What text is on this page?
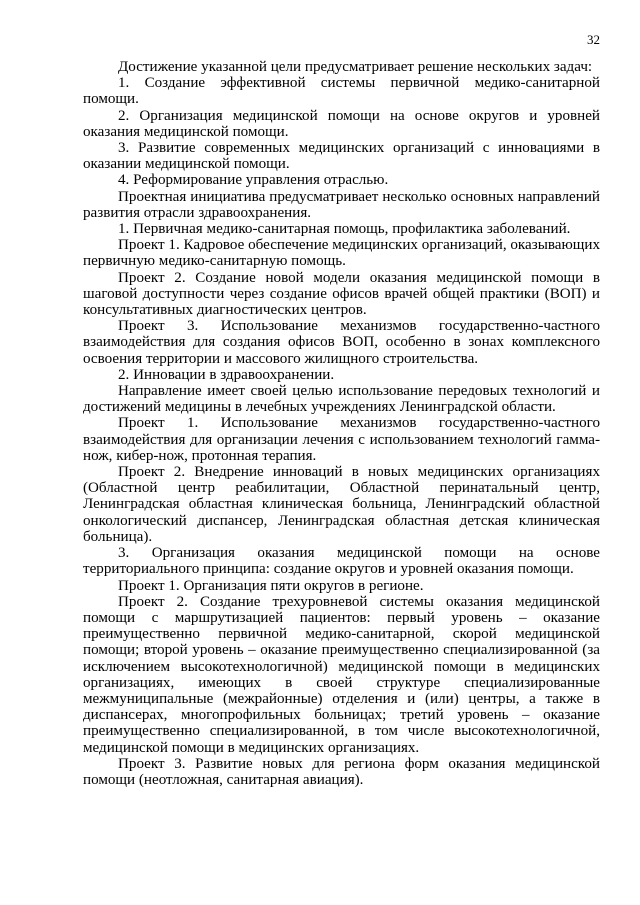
32

Достижение указанной цели предусматривает решение нескольких задач:

1. Создание эффективной системы первичной медико-санитарной помощи.

2. Организация медицинской помощи на основе округов и уровней оказания медицинской помощи.

3. Развитие современных медицинских организаций с инновациями в оказании медицинской помощи.

4. Реформирование управления отраслью.

Проектная инициатива предусматривает несколько основных направлений развития отрасли здравоохранения.

1. Первичная медико-санитарная помощь, профилактика заболеваний.

Проект 1. Кадровое обеспечение медицинских организаций, оказывающих первичную медико-санитарную помощь.

Проект 2. Создание новой модели оказания медицинской помощи в шаговой доступности через создание офисов врачей общей практики (ВОП) и консультативных диагностических центров.

Проект 3. Использование механизмов государственно-частного взаимодействия для создания офисов ВОП, особенно в зонах комплексного освоения территории и массового жилищного строительства.

2. Инновации в здравоохранении.

Направление имеет своей целью использование передовых технологий и достижений медицины в лечебных учреждениях Ленинградской области.

Проект 1. Использование механизмов государственно-частного взаимодействия для организации лечения с использованием технологий гамма-нож, кибер-нож, протонная терапия.

Проект 2. Внедрение инноваций в новых медицинских организациях (Областной центр реабилитации, Областной перинатальный центр, Ленинградская областная клиническая больница, Ленинградский областной онкологический диспансер, Ленинградская областная детская клиническая больница).

3. Организация оказания медицинской помощи на основе территориального принципа: создание округов и уровней оказания помощи.

Проект 1. Организация пяти округов в регионе.

Проект 2. Создание трехуровневой системы оказания медицинской помощи с маршрутизацией пациентов: первый уровень – оказание преимущественно первичной медико-санитарной, скорой медицинской помощи; второй уровень – оказание преимущественно специализированной (за исключением высокотехнологичной) медицинской помощи в медицинских организациях, имеющих в своей структуре специализированные межмуниципальные (межрайонные) отделения и (или) центры, а также в диспансерах, многопрофильных больницах; третий уровень – оказание преимущественно специализированной, в том числе высокотехнологичной, медицинской помощи в медицинских организациях.

Проект 3. Развитие новых для региона форм оказания медицинской помощи (неотложная, санитарная авиация).
